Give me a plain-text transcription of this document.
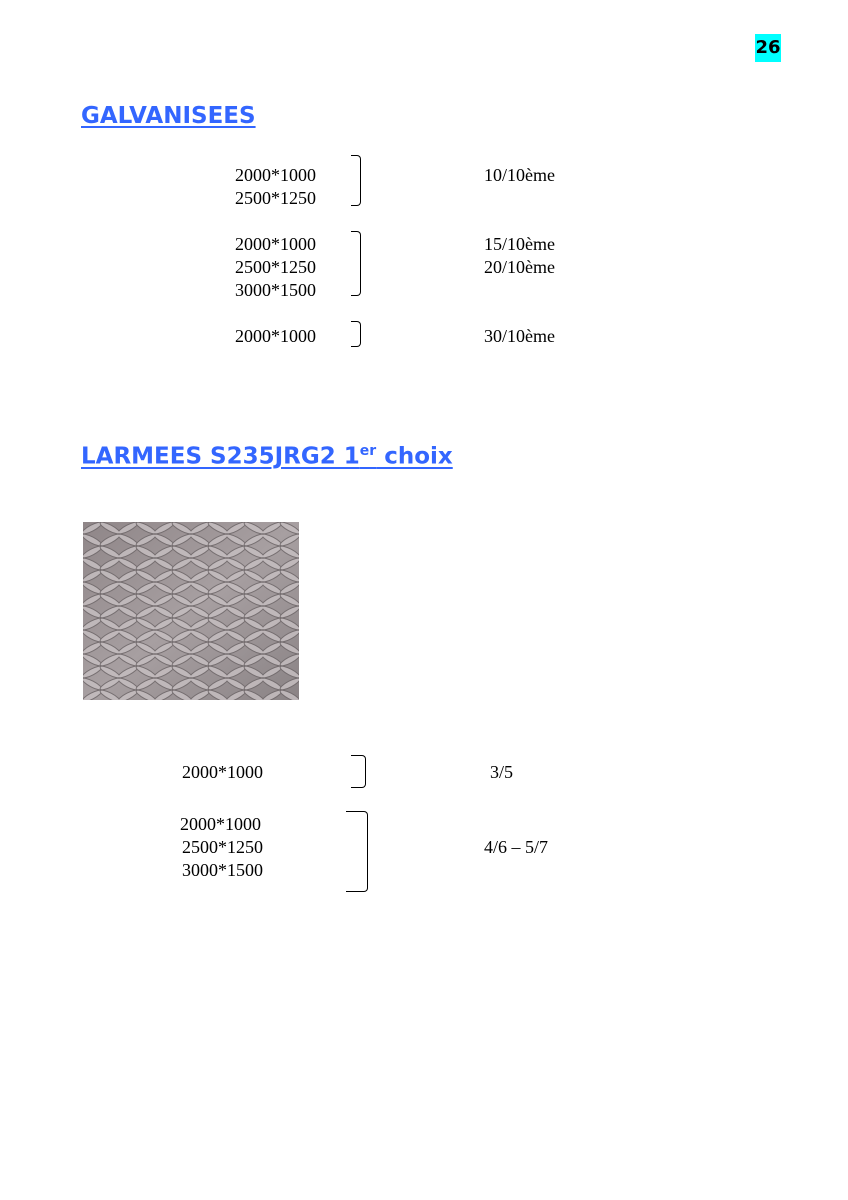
26
GALVANISEES
2000*1000
2500*1250
10/10ème
2000*1000
2500*1250
3000*1500
15/10ème
20/10ème
2000*1000	30/10ème
LARMEES S235JRG2 1er choix
2000*1000	3/5
2000*1000
2500*1250
3000*1500
4/6 – 5/7
